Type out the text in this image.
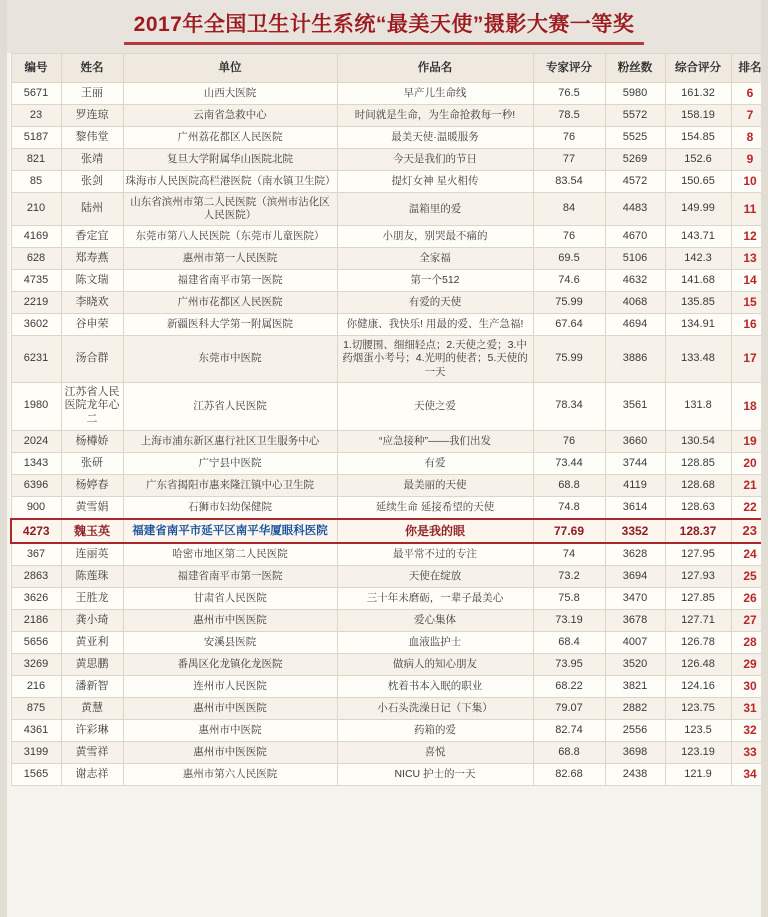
2017年全国卫生计生系统“最美天使”摄影大赛一等奖
编号	姓名	单位	作品名	专家评分	粉丝数	综合评分	排名
5671	王丽	山西大医院	早产儿生命线	76.5	5980	161.32	6
23	罗连琼	云南省急救中心	时间就是生命，为生命抢救每一秒!	78.5	5572	158.19	7
5187	黎伟堂	广州荔花都区人民医院	最美天使·温暖服务	76	5525	154.85	8
821	张靖	复旦大学附属华山医院北院	今天是我们的节日	77	5269	152.6	9
85	张剑	珠海市人民医院高栏港医院（南水镇卫生院）	提灯女神 星火相传	83.54	4572	150.65	10
210	陆州	山东省滨州市第二人民医院（滨州市沾化区人民医院）	温箱里的爱	84	4483	149.99	11
4169	香定宜	东莞市第八人民医院（东莞市儿童医院）	小朋友，别哭最不痛的	76	4670	143.71	12
628	郑寿燕	惠州市第一人民医院	全家福	69.5	5106	142.3	13
4735	陈文瑞	福建省南平市第一医院	第一个512	74.6	4632	141.68	14
2219	李晓欢	广州市花都区人民医院	有爱的天使	75.99	4068	135.85	15
3602	谷申荣	新疆医科大学第一附属医院	你健康、我快乐! 用最的爱、生产急福!	67.64	4694	134.91	16
6231	汤合群	东莞市中医院	1.切腰围、细细轻点；2.天使之爱；3.中药烟蛋小考号；4.光明的使者；5.天使的一天	75.99	3886	133.48	17
1980	江苏省人民医院龙年心二	江苏省人民医院	天使之爱	78.34	3561	131.8	18
2024	杨樽娇	上海市浦东新区惠行社区卫生服务中心	“应急接种”——我们出发	76	3660	130.54	19
1343	张研	广宁县中医院	有爱	73.44	3744	128.85	20
6396	杨婷春	广东省揭阳市惠来隆江镇中心卫生院	最美丽的天使	68.8	4119	128.68	21
900	黄雪娟	石狮市妇幼保健院	延续生命 延接希望的天使	74.8	3614	128.63	22
4273	魏玉英	福建省南平市延平区南平华厦眼科医院	你是我的眼	77.69	3352	128.37	23
367	连丽英	哈密市地区第二人民医院	最平常不过的专注	74	3628	127.95	24
2863	陈莲珠	福建省南平市第一医院	天使在绽放	73.2	3694	127.93	25
3626	王胜龙	甘肃省人民医院	三十年未磨砺，一辈子最美心	75.8	3470	127.85	26
2186	龚小琦	惠州市中医医院	爱心集体	73.19	3678	127.71	27
5656	黄亚利	安溪县医院	血液监护士	68.4	4007	126.78	28
3269	黄思鹏	番禺区化龙镇化龙医院	做病人的知心朋友	73.95	3520	126.48	29
216	潘新智	连州市人民医院	枕着书本入眠的职业	68.22	3821	124.16	30
875	黄慧	惠州市中医医院	小石头洗澡日记（下集）	79.07	2882	123.75	31
4361	许彩琳	惠州市中医院	药箱的爱	82.74	2556	123.5	32
3199	黄雪祥	惠州市中医医院	喜悦	68.8	3698	123.19	33
1565	谢志祥	惠州市第六人民医院	NICU 护士的一天	82.68	2438	121.9	34
